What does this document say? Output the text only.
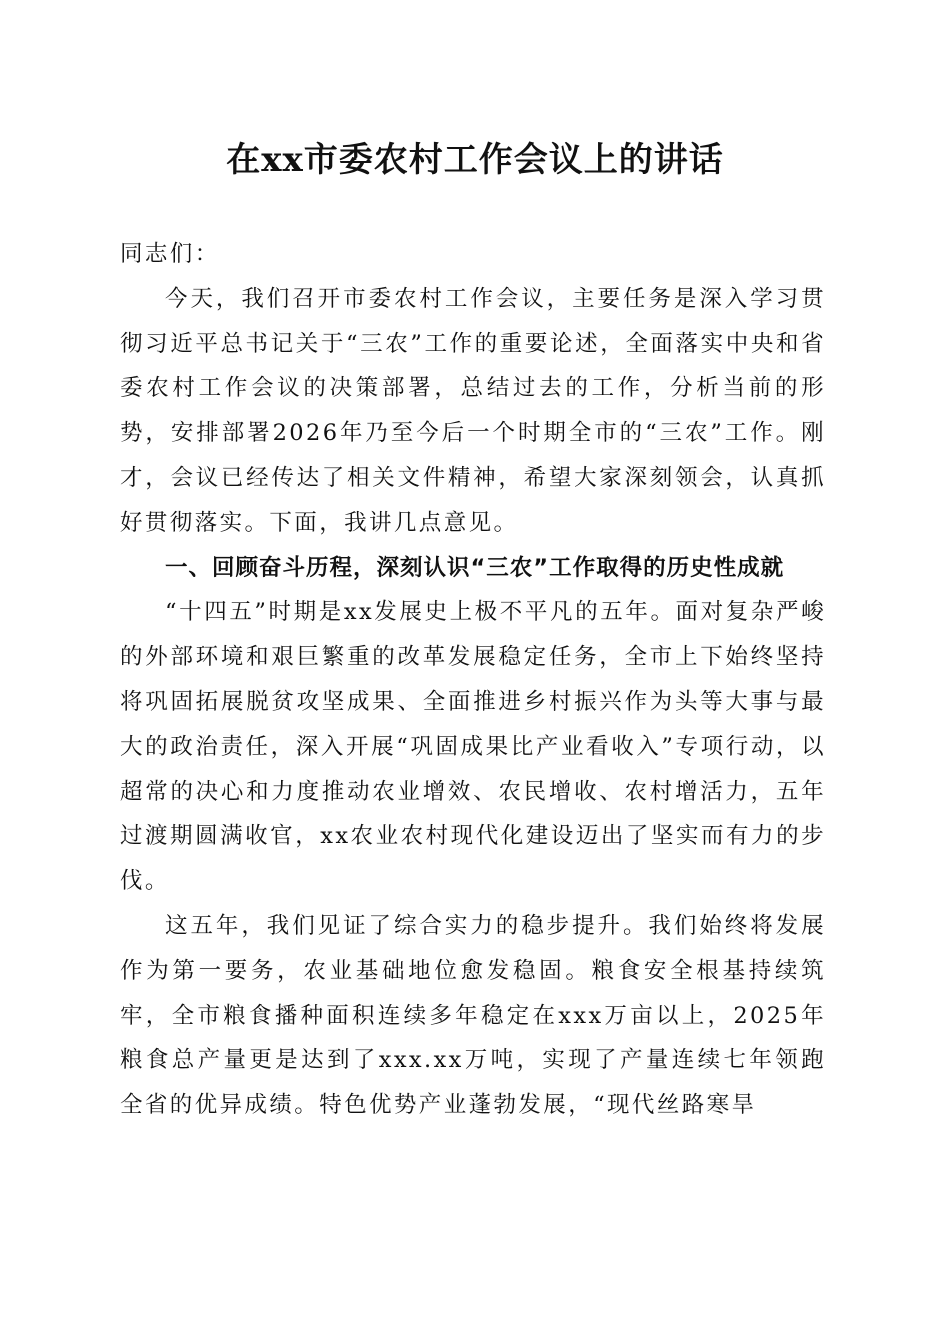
在xx市委农村工作会议上的讲话

同志们：

今天，我们召开市委农村工作会议，主要任务是深入学习贯彻习近平总书记关于“三农”工作的重要论述，全面落实中央和省委农村工作会议的决策部署，总结过去的工作，分析当前的形势，安排部署2026年乃至今后一个时期全市的“三农”工作。刚才，会议已经传达了相关文件精神，希望大家深刻领会，认真抓好贯彻落实。下面，我讲几点意见。

一、回顾奋斗历程，深刻认识“三农”工作取得的历史性成就

“十四五”时期是xx发展史上极不平凡的五年。面对复杂严峻的外部环境和艰巨繁重的改革发展稳定任务，全市上下始终坚持将巩固拓展脱贫攻坚成果、全面推进乡村振兴作为头等大事与最大的政治责任，深入开展“巩固成果比产业看收入”专项行动，以超常的决心和力度推动农业增效、农民增收、农村增活力，五年过渡期圆满收官，xx农业农村现代化建设迈出了坚实而有力的步伐。

这五年，我们见证了综合实力的稳步提升。我们始终将发展作为第一要务，农业基础地位愈发稳固。粮食安全根基持续筑牢，全市粮食播种面积连续多年稳定在xxx万亩以上，2025年粮食总产量更是达到了xxx.xx万吨，实现了产量连续七年领跑全省的优异成绩。特色优势产业蓬勃发展，“现代丝路寒旱
